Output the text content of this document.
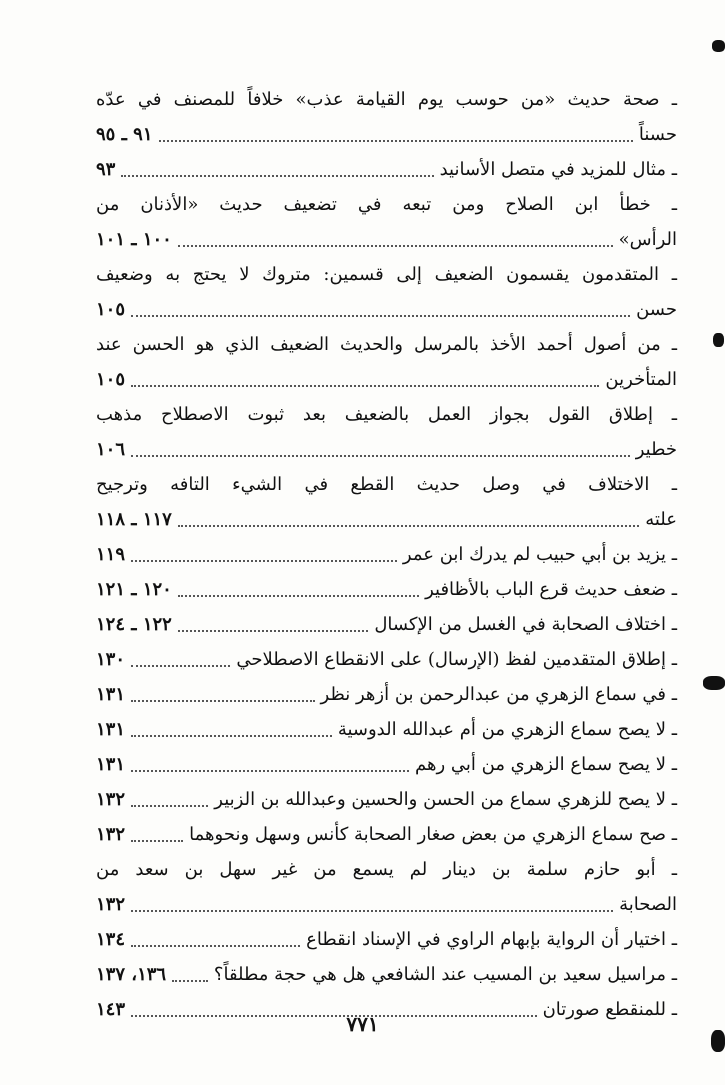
ـ صحة حديث «من حوسب يوم القيامة عذب» خلافاً للمصنف في عدّه
حسناً
٩١ ـ ٩٥
ـ مثال للمزيد في متصل الأسانيد
٩٣
ـ خطأ ابن الصلاح ومن تبعه في تضعيف حديث «الأذنان من
الرأس»
١٠٠ ـ ١٠١
ـ المتقدمون يقسمون الضعيف إلى قسمين: متروك لا يحتج به وضعيف
حسن
١٠٥
ـ من أصول أحمد الأخذ بالمرسل والحديث الضعيف الذي هو الحسن عند
المتأخرين
١٠٥
ـ إطلاق القول بجواز العمل بالضعيف بعد ثبوت الاصطلاح مذهب
خطير
١٠٦
ـ الاختلاف في وصل حديث القطع في الشيء التافه وترجيح
علته
١١٧ ـ ١١٨
ـ يزيد بن أبي حبيب لم يدرك ابن عمر
١١٩
ـ ضعف حديث قرع الباب بالأظافير
١٢٠ ـ ١٢١
ـ اختلاف الصحابة في الغسل من الإكسال
١٢٢ ـ ١٢٤
ـ إطلاق المتقدمين لفظ (الإرسال) على الانقطاع الاصطلاحي
١٣٠
ـ في سماع الزهري من عبدالرحمن بن أزهر نظر
١٣١
ـ لا يصح سماع الزهري من أم عبدالله الدوسية
١٣١
ـ لا يصح سماع الزهري من أبي رهم
١٣١
ـ لا يصح للزهري سماع من الحسن والحسين وعبدالله بن الزبير
١٣٢
ـ صح سماع الزهري من بعض صغار الصحابة كأنس وسهل ونحوهما
١٣٢
ـ أبو حازم سلمة بن دينار لم يسمع من غير سهل بن سعد من
الصحابة
١٣٢
ـ اختيار أن الرواية بإبهام الراوي في الإسناد انقطاع
١٣٤
ـ مراسيل سعيد بن المسيب عند الشافعي هل هي حجة مطلقاً؟
١٣٦، ١٣٧
ـ للمنقطع صورتان
١٤٣
٧٧١
